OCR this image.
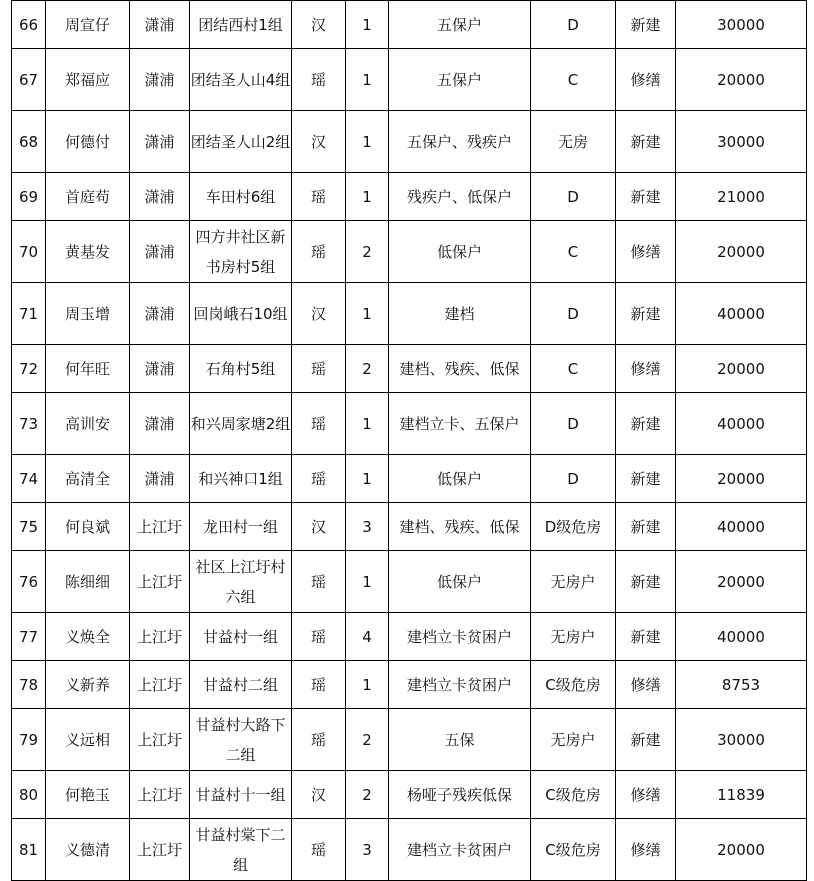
66	周宣仔	潇浦	团结西村1组	汉	1	五保户	D	新建	30000
67	郑福应	潇浦	团结圣人山4组	瑶	1	五保户	C	修缮	20000
68	何德付	潇浦	团结圣人山2组	汉	1	五保户、残疾户	无房	新建	30000
69	首庭苟	潇浦	车田村6组	瑶	1	残疾户、低保户	D	新建	21000
70	黄基发	潇浦	四方井社区新书房村5组	瑶	2	低保户	C	修缮	20000
71	周玉增	潇浦	回岗峨石10组	汉	1	建档	D	新建	40000
72	何年旺	潇浦	石角村5组	瑶	2	建档、残疾、低保	C	修缮	20000
73	高训安	潇浦	和兴周家塘2组	瑶	1	建档立卡、五保户	D	新建	40000
74	高清全	潇浦	和兴神口1组	瑶	1	低保户	D	新建	20000
75	何良斌	上江圩	龙田村一组	汉	3	建档、残疾、低保	D级危房	新建	40000
76	陈细细	上江圩	社区上江圩村六组	瑶	1	低保户	无房户	新建	20000
77	义焕全	上江圩	甘益村一组	瑶	4	建档立卡贫困户	无房户	新建	40000
78	义新养	上江圩	甘益村二组	瑶	1	建档立卡贫困户	C级危房	修缮	8753
79	义远相	上江圩	甘益村大路下二组	瑶	2	五保	无房户	新建	30000
80	何艳玉	上江圩	甘益村十一组	汉	2	杨哑子残疾低保	C级危房	修缮	11839
81	义德清	上江圩	甘益村棠下二组	瑶	3	建档立卡贫困户	C级危房	修缮	20000
